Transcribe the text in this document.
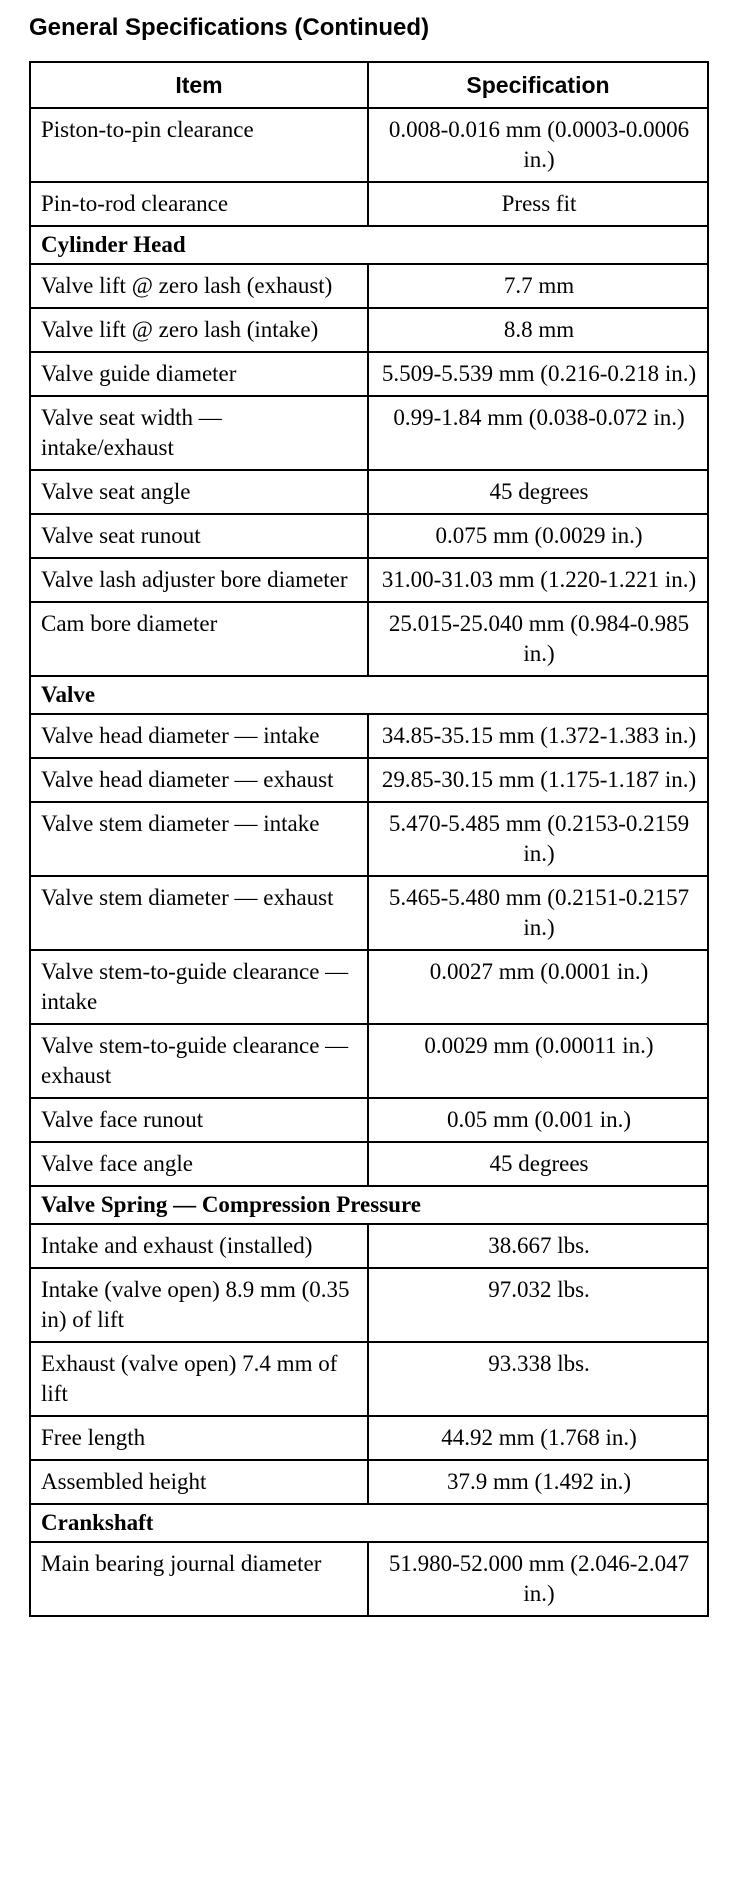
General Specifications (Continued)
Item	Specification
Piston-to-pin clearance	0.008-0.016 mm (0.0003-0.0006 in.)
Pin-to-rod clearance	Press fit
Cylinder Head	
Valve lift @ zero lash (exhaust)	7.7 mm
Valve lift @ zero lash (intake)	8.8 mm
Valve guide diameter	5.509-5.539 mm (0.216-0.218 in.)
Valve seat width — intake/exhaust	0.99-1.84 mm (0.038-0.072 in.)
Valve seat angle	45 degrees
Valve seat runout	0.075 mm (0.0029 in.)
Valve lash adjuster bore diameter	31.00-31.03 mm (1.220-1.221 in.)
Cam bore diameter	25.015-25.040 mm (0.984-0.985 in.)
Valve	
Valve head diameter — intake	34.85-35.15 mm (1.372-1.383 in.)
Valve head diameter — exhaust	29.85-30.15 mm (1.175-1.187 in.)
Valve stem diameter — intake	5.470-5.485 mm (0.2153-0.2159 in.)
Valve stem diameter — exhaust	5.465-5.480 mm (0.2151-0.2157 in.)
Valve stem-to-guide clearance — intake	0.0027 mm (0.0001 in.)
Valve stem-to-guide clearance — exhaust	0.0029 mm (0.00011 in.)
Valve face runout	0.05 mm (0.001 in.)
Valve face angle	45 degrees
Valve Spring — Compression Pressure	
Intake and exhaust (installed)	38.667 lbs.
Intake (valve open) 8.9 mm (0.35 in) of lift	97.032 lbs.
Exhaust (valve open) 7.4 mm of lift	93.338 lbs.
Free length	44.92 mm (1.768 in.)
Assembled height	37.9 mm (1.492 in.)
Crankshaft	
Main bearing journal diameter	51.980-52.000 mm (2.046-2.047 in.)
